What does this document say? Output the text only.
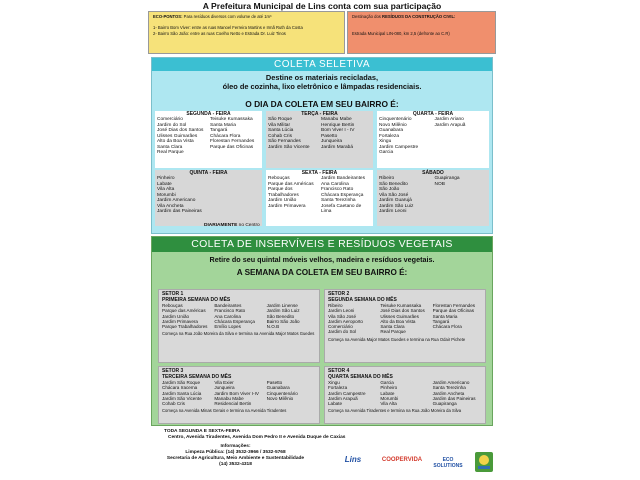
A Prefeitura Municipal de Lins conta com sua participação
ECO-PONTOS: Para resíduos diversos com volume de até 1m³
1- Bairro Bom Viver: entre as ruas Manoel Ferreira Martins e Irmã Ruth da Costa
2- Bairro São João: entre as ruas Coelho Netto e Estrada Dr. Luiz Tinos
Destinação dos RESÍDUOS DA CONSTRUÇÃO CIVIL:
Estrada Municipal LIN-080, km 2,5 (defronte ao C.R)
COLETA SELETIVA
Destine os materiais recicladas,
óleo de cozinha, lixo eletrônico e lâmpadas residenciais.
O DIA DA COLETA EM SEU BAIRRO É:
SEGUNDA - FEIRA
Comerciário
Jardim do Sol
José Dias dos Santos
Ulisses Guimarães
Alto da Boa Vista
Santa Clara
Real Parque
Teisuke Kumassaka
Santa Maria
Tangará
Chácara Flora
Florestan Fernandes
Parque das Oficinas
TERÇA - FEIRA
São Roque
Vila Militar
Santa Lúcia
Cohab Cris
São Fernandes
Jardim São Vicente
Manabu Mabe
Henrique Bertin
Bom Viver I - IV
Pasetto
Junqueira
Jardim Marabá
QUARTA - FEIRA
Cinquentenário
Novo Milênio
Guanabara
Fortaleza
Xingu
Jardim Campestre
Garcia
Jardim Ariano
Jardim Arapuã
QUINTA - FEIRA
Pinheiro
Labate
Vila Alta
Morumbi
Jardim Americano
Vila Ancheta
Jardim das Paineiras
SEXTA - FEIRA
Rebouças
Parque das Américas
Parque dos Trabalhadores
Jardim União
Jardim Primavera
Jardim Bandeirantes
Ana Carolina
Francisco Rato
Chácara Esperança
Santa Terezinha
Josefa Caetano de Lima
SÁBADO
Ribeiro
São Benedito
São João
Vila São José
Jardim Guarujá
Jardim São Luiz
Jardim Leoni
Guapiranga
NOB
DIARIAMENTE no Centro
COLETA DE INSERVÍVEIS E RESÍDUOS VEGETAIS
Retire do seu quintal móveis velhos, madeira e resíduos vegetais.
A SEMANA DA COLETA EM SEU BAIRRO É:
SETOR 1
PRIMEIRA SEMANA DO MÊS
Rebouças
Parque das Américas
Jardim União
Jardim Primavera
Parque Trabalhadores
Bandeirantes
Francisco Rato
Ana Carolina
Chácara Esperança
Emílio Lopes
Jardim Linense
Jardim São Luiz
São Benedito
Bairro São João
N.O.B
Começa na Rua João Moreira da Silva e termina na Avenida Major Matos Guedes
SETOR 2
SEGUNDA SEMANA DO MÊS
Ribeiro
Jardim Leoni
Vila São José
Jardim Aeroporto
Comerciário
Jardim do Sol
Teisuke Kumassaka
José Dias dos Santos
Ulisses Guimarães
Alto da Boa Vista
Santa Clara
Real Parque
Florestan Fernandes
Parque das Oficinas
Santa Maria
Tangará
Chácara Flora
Começa na Avenida Major Matos Guedes e termina na Rua Odair Pichete
SETOR 3
TERCEIRA SEMANA DO MÊS
Jardim São Roque
Chácara Iracema
Jardim Santa Lúcia
Jardim São Vicente
Cohab Cris
Vila Exier
Junqueira
Jardim Bom Viver I-IV
Manabu Mabe
Residencial Bertin
Pasetto
Guanabara
Cinquentenário
Novo Milênio
Começa na Avenida Minas Gerais e termina na Avenida Tiradentes
SETOR 4
QUARTA SEMANA DO MÊS
Xingu
Fortaleza
Jardim Campestre
Jardim Arapuã
Labate
Garcia
Pinheiro
Labate
Morumbi
Vila Alta
Jardim Americano
Santa Terezinha
Jardim Ancheta
Jardim das Paineiras
Guapiranga
Começa na Avenida Tiradentes e termina na Rua João Moreira da Silva
TODA SEGUNDA E SEXTA-FEIRA
Centro, Avenida Tiradentes, Avenida Dom Pedro II e Avenida Duque de Caxias
Informações:
Limpeza Pública: (14) 3532-3966 / 3532-5768
Secretaria de Agricultura, Meio Ambiente e Sustentabilidade
(14) 3532-4318
Lins	COOPERVIDA	ECO SOLUTIONS
